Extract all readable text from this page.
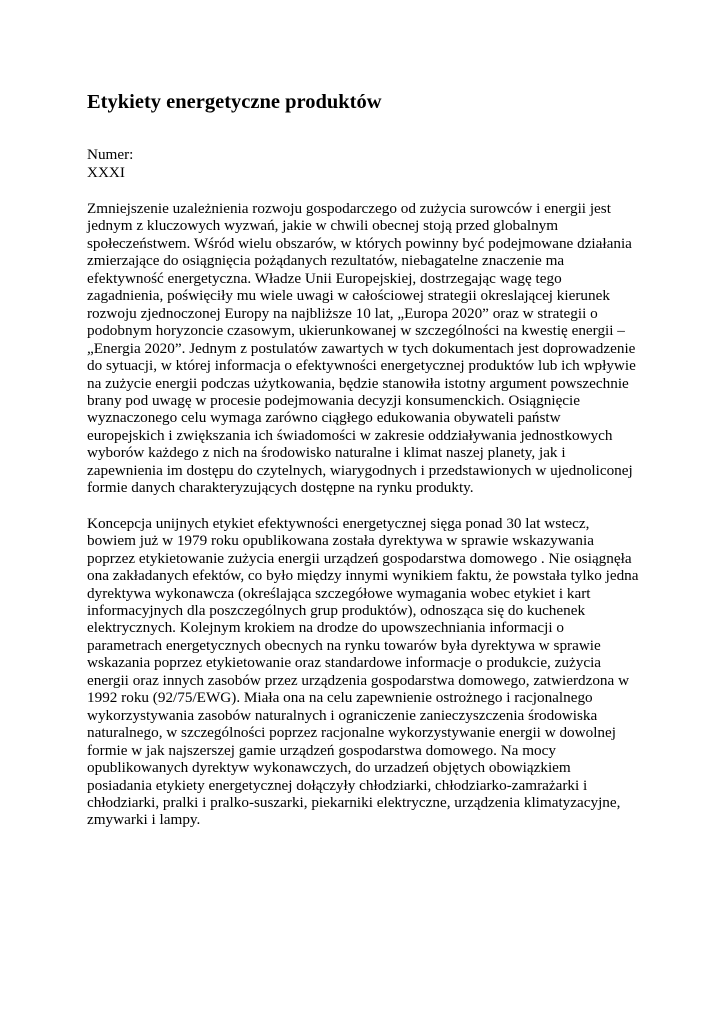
Etykiety energetyczne produktów
Numer:
XXXI

Zmniejszenie uzależnienia rozwoju gospodarczego od zużycia surowców i energii jest jednym z kluczowych wyzwań, jakie w chwili obecnej stoją przed globalnym społeczeństwem. Wśród wielu obszarów, w których powinny być podejmowane działania zmierzające do osiągnięcia pożądanych rezultatów, niebagatelne znaczenie ma efektywność energetyczna. Władze Unii Europejskiej, dostrzegając wagę tego zagadnienia, poświęciły mu wiele uwagi w całościowej strategii okreslającej kierunek rozwoju zjednoczonej Europy na najbliższe 10 lat, „Europa 2020” oraz w strategii o podobnym horyzoncie czasowym, ukierunkowanej w szczególności na kwestię energii – „Energia 2020”. Jednym z postulatów zawartych w tych dokumentach jest doprowadzenie do sytuacji, w której informacja o efektywności energetycznej produktów lub ich wpływie na zużycie energii podczas użytkowania, będzie stanowiła istotny argument powszechnie brany pod uwagę w procesie podejmowania decyzji konsumenckich. Osiągnięcie wyznaczonego celu wymaga zarówno ciągłego edukowania obywateli państw europejskich i zwiększania ich świadomości w zakresie oddziaływania jednostkowych wyborów każdego z nich na środowisko naturalne i klimat naszej planety, jak i zapewnienia im dostępu do czytelnych, wiarygodnych i przedstawionych w ujednoliconej formie danych charakteryzujących dostępne na rynku produkty.

Koncepcja unijnych etykiet efektywności energetycznej sięga ponad 30 lat wstecz, bowiem już w 1979 roku opublikowana została dyrektywa w sprawie wskazywania poprzez etykietowanie zużycia energii urządzeń gospodarstwa domowego . Nie osiągnęła ona zakładanych efektów, co było między innymi wynikiem faktu, że powstała tylko jedna dyrektywa wykonawcza (określająca szczegółowe wymagania wobec etykiet i kart informacyjnych dla poszczególnych grup produktów), odnosząca się do kuchenek elektrycznych. Kolejnym krokiem na drodze do upowszechniania informacji o parametrach energetycznych obecnych na rynku towarów była dyrektywa w sprawie wskazania poprzez etykietowanie oraz standardowe informacje o produkcie, zużycia energii oraz innych zasobów przez urządzenia gospodarstwa domowego, zatwierdzona w 1992 roku (92/75/EWG). Miała ona na celu zapewnienie ostrożnego i racjonalnego wykorzystywania zasobów naturalnych i ograniczenie zanieczyszczenia środowiska naturalnego, w szczególności poprzez racjonalne wykorzystywanie energii w dowolnej formie w jak najszerszej gamie urządzeń gospodarstwa domowego. Na mocy opublikowanych dyrektyw wykonawczych, do urzadzeń objętych obowiązkiem posiadania etykiety energetycznej dołączyły chłodziarki, chłodziarko-zamrażarki i chłodziarki, pralki i pralko-suszarki, piekarniki elektryczne, urządzenia klimatyzacyjne, zmywarki i lampy.
